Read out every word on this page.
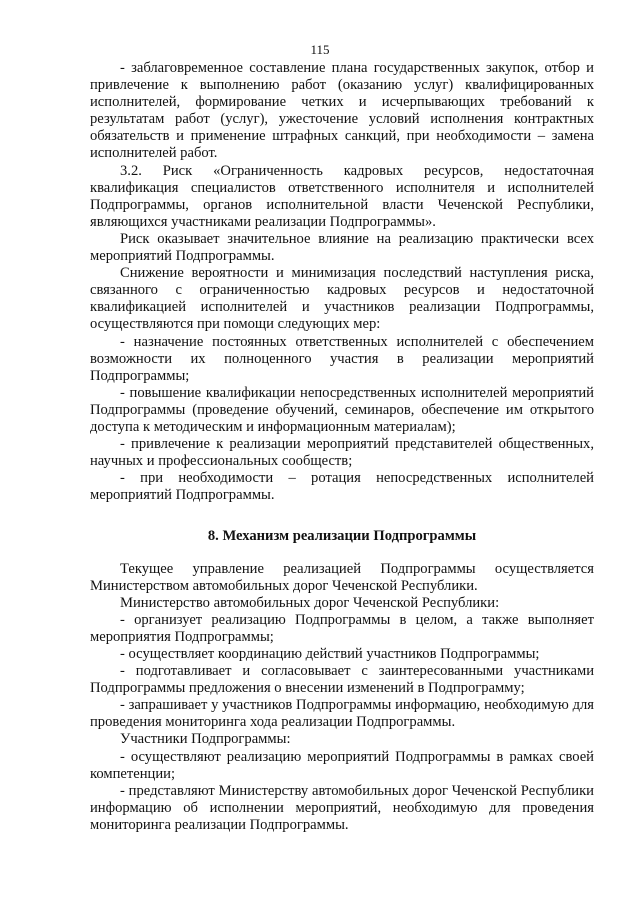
115

- заблаговременное составление плана государственных закупок, отбор и привлечение к выполнению работ (оказанию услуг) квалифицированных исполнителей, формирование четких и исчерпывающих требований к результатам работ (услуг), ужесточение условий исполнения контрактных обязательств и применение штрафных санкций, при необходимости – замена исполнителей работ.

3.2. Риск «Ограниченность кадровых ресурсов, недостаточная квалификация специалистов ответственного исполнителя и исполнителей Подпрограммы, органов исполнительной власти Чеченской Республики, являющихся участниками реализации Подпрограммы».

Риск оказывает значительное влияние на реализацию практически всех мероприятий Подпрограммы.

Снижение вероятности и минимизация последствий наступления риска, связанного с ограниченностью кадровых ресурсов и недостаточной квалификацией исполнителей и участников реализации Подпрограммы, осуществляются при помощи следующих мер:

- назначение постоянных ответственных исполнителей с обеспечением возможности их полноценного участия в реализации мероприятий Подпрограммы;

- повышение квалификации непосредственных исполнителей мероприятий Подпрограммы (проведение обучений, семинаров, обеспечение им открытого доступа к методическим и информационным материалам);

- привлечение к реализации мероприятий представителей общественных, научных и профессиональных сообществ;

- при необходимости – ротация непосредственных исполнителей мероприятий Подпрограммы.

8. Механизм реализации Подпрограммы

Текущее управление реализацией Подпрограммы осуществляется Министерством автомобильных дорог Чеченской Республики.

Министерство автомобильных дорог Чеченской Республики:

- организует реализацию Подпрограммы в целом, а также выполняет мероприятия Подпрограммы;

- осуществляет координацию действий участников Подпрограммы;

- подготавливает и согласовывает с заинтересованными участниками Подпрограммы предложения о внесении изменений в Подпрограмму;

- запрашивает у участников Подпрограммы информацию, необходимую для проведения мониторинга хода реализации Подпрограммы.

Участники Подпрограммы:

- осуществляют реализацию мероприятий Подпрограммы в рамках своей компетенции;

- представляют Министерству автомобильных дорог Чеченской Республики информацию об исполнении мероприятий, необходимую для проведения мониторинга реализации Подпрограммы.
